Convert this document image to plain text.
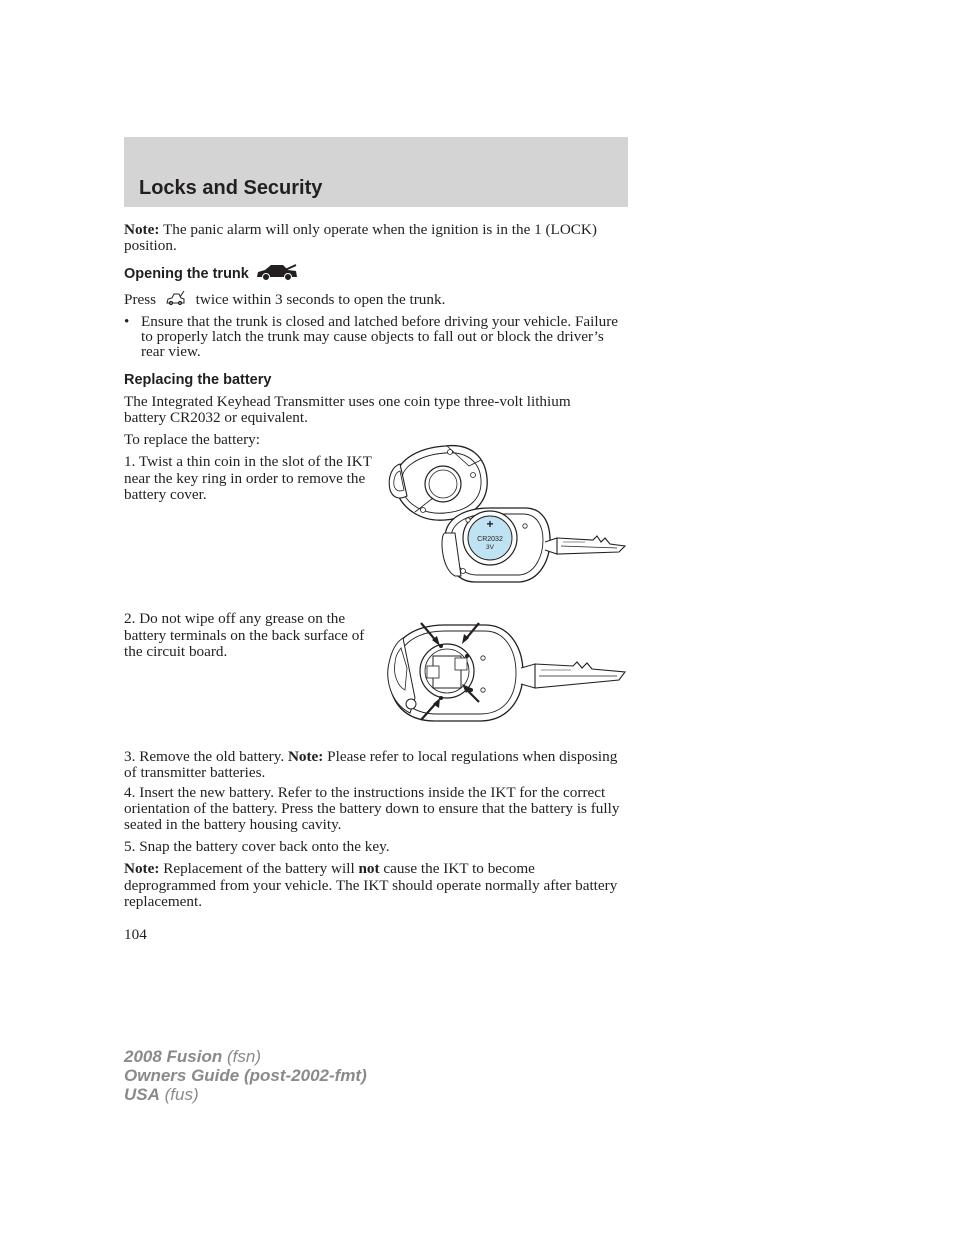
Locks and Security
Note: The panic alarm will only operate when the ignition is in the 1 (LOCK) position.
Opening the trunk
Press	twice within 3 seconds to open the trunk.
• Ensure that the trunk is closed and latched before driving your vehicle. Failure to properly latch the trunk may cause objects to fall out or block the driver’s rear view.
Replacing the battery
The Integrated Keyhead Transmitter uses one coin type three-volt lithium battery CR2032 or equivalent.
To replace the battery:
1. Twist a thin coin in the slot of the IKT near the key ring in order to remove the battery cover.
+
CR2032
3V
2. Do not wipe off any grease on the battery terminals on the back surface of the circuit board.
3. Remove the old battery. Note: Please refer to local regulations when disposing of transmitter batteries.
4. Insert the new battery. Refer to the instructions inside the IKT for the correct orientation of the battery. Press the battery down to ensure that the battery is fully seated in the battery housing cavity.
5. Snap the battery cover back onto the key.
Note: Replacement of the battery will not cause the IKT to become deprogrammed from your vehicle. The IKT should operate normally after battery replacement.
104
2008 Fusion (fsn)
Owners Guide (post-2002-fmt)
USA (fus)
